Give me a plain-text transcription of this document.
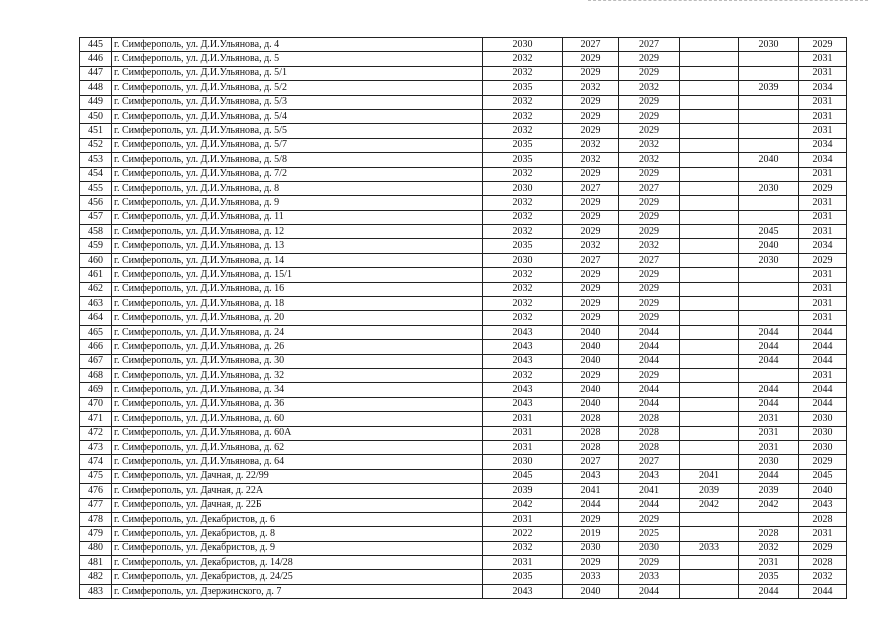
445	г. Симферополь, ул. Д.И.Ульянова, д. 4	2030	2027	2027		2030	2029
446	г. Симферополь, ул. Д.И.Ульянова, д. 5	2032	2029	2029			2031
447	г. Симферополь, ул. Д.И.Ульянова, д. 5/1	2032	2029	2029			2031
448	г. Симферополь, ул. Д.И.Ульянова, д. 5/2	2035	2032	2032		2039	2034
449	г. Симферополь, ул. Д.И.Ульянова, д. 5/3	2032	2029	2029			2031
450	г. Симферополь, ул. Д.И.Ульянова, д. 5/4	2032	2029	2029			2031
451	г. Симферополь, ул. Д.И.Ульянова, д. 5/5	2032	2029	2029			2031
452	г. Симферополь, ул. Д.И.Ульянова, д. 5/7	2035	2032	2032			2034
453	г. Симферополь, ул. Д.И.Ульянова, д. 5/8	2035	2032	2032		2040	2034
454	г. Симферополь, ул. Д.И.Ульянова, д. 7/2	2032	2029	2029			2031
455	г. Симферополь, ул. Д.И.Ульянова, д. 8	2030	2027	2027		2030	2029
456	г. Симферополь, ул. Д.И.Ульянова, д. 9	2032	2029	2029			2031
457	г. Симферополь, ул. Д.И.Ульянова, д. 11	2032	2029	2029			2031
458	г. Симферополь, ул. Д.И.Ульянова, д. 12	2032	2029	2029		2045	2031
459	г. Симферополь, ул. Д.И.Ульянова, д. 13	2035	2032	2032		2040	2034
460	г. Симферополь, ул. Д.И.Ульянова, д. 14	2030	2027	2027		2030	2029
461	г. Симферополь, ул. Д.И.Ульянова, д. 15/1	2032	2029	2029			2031
462	г. Симферополь, ул. Д.И.Ульянова, д. 16	2032	2029	2029			2031
463	г. Симферополь, ул. Д.И.Ульянова, д. 18	2032	2029	2029			2031
464	г. Симферополь, ул. Д.И.Ульянова, д. 20	2032	2029	2029			2031
465	г. Симферополь, ул. Д.И.Ульянова, д. 24	2043	2040	2044		2044	2044
466	г. Симферополь, ул. Д.И.Ульянова, д. 26	2043	2040	2044		2044	2044
467	г. Симферополь, ул. Д.И.Ульянова, д. 30	2043	2040	2044		2044	2044
468	г. Симферополь, ул. Д.И.Ульянова, д. 32	2032	2029	2029			2031
469	г. Симферополь, ул. Д.И.Ульянова, д. 34	2043	2040	2044		2044	2044
470	г. Симферополь, ул. Д.И.Ульянова, д. 36	2043	2040	2044		2044	2044
471	г. Симферополь, ул. Д.И.Ульянова, д. 60	2031	2028	2028		2031	2030
472	г. Симферополь, ул. Д.И.Ульянова, д. 60А	2031	2028	2028		2031	2030
473	г. Симферополь, ул. Д.И.Ульянова, д. 62	2031	2028	2028		2031	2030
474	г. Симферополь, ул. Д.И.Ульянова, д. 64	2030	2027	2027		2030	2029
475	г. Симферополь, ул. Дачная, д. 22/99	2045	2043	2043	2041	2044	2045
476	г. Симферополь, ул. Дачная, д. 22А	2039	2041	2041	2039	2039	2040
477	г. Симферополь, ул. Дачная, д. 22Б	2042	2044	2044	2042	2042	2043
478	г. Симферополь, ул. Декабристов, д. 6	2031	2029	2029			2028
479	г. Симферополь, ул. Декабристов, д. 8	2022	2019	2025		2028	2031
480	г. Симферополь, ул. Декабристов, д. 9	2032	2030	2030	2033	2032	2029
481	г. Симферополь, ул. Декабристов, д. 14/28	2031	2029	2029		2031	2028
482	г. Симферополь, ул. Декабристов, д. 24/25	2035	2033	2033		2035	2032
483	г. Симферополь, ул. Дзержинского, д. 7	2043	2040	2044		2044	2044
